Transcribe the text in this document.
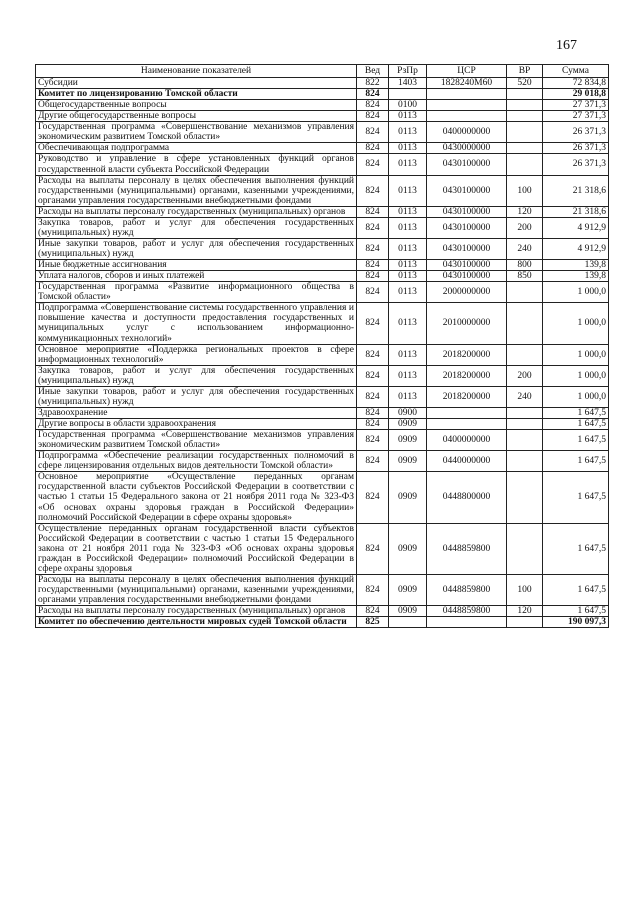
167
Наименование показателей	Вед	РзПр	ЦСР	ВР	Сумма
Субсидии	822	1403	1828240М60	520	72 834,8
Комитет по лицензированию Томской области	824				29 018,8
Общегосударственные вопросы	824	0100			27 371,3
Другие общегосударственные вопросы	824	0113			27 371,3
Государственная программа «Совершенствование механизмов управления экономическим развитием Томской области»	824	0113	0400000000		26 371,3
Обеспечивающая подпрограмма	824	0113	0430000000		26 371,3
Руководство и управление в сфере установленных функций органов государственной власти субъекта Российской Федерации	824	0113	0430100000		26 371,3
Расходы на выплаты персоналу в целях обеспечения выполнения функций государственными (муниципальными) органами, казенными учреждениями, органами управления государственными внебюджетными фондами	824	0113	0430100000	100	21 318,6
Расходы на выплаты персоналу государственных (муниципальных) органов	824	0113	0430100000	120	21 318,6
Закупка товаров, работ и услуг для обеспечения государственных (муниципальных) нужд	824	0113	0430100000	200	4 912,9
Иные закупки товаров, работ и услуг для обеспечения государственных (муниципальных) нужд	824	0113	0430100000	240	4 912,9
Иные бюджетные ассигнования	824	0113	0430100000	800	139,8
Уплата налогов, сборов и иных платежей	824	0113	0430100000	850	139,8
Государственная программа «Развитие информационного общества в Томской области»	824	0113	2000000000		1 000,0
Подпрограмма «Совершенствование системы государственного управления и повышение качества и доступности предоставления государственных и муниципальных услуг с использованием информационно-коммуникационных технологий»	824	0113	2010000000		1 000,0
Основное мероприятие «Поддержка региональных проектов в сфере информационных технологий»	824	0113	2018200000		1 000,0
Закупка товаров, работ и услуг для обеспечения государственных (муниципальных) нужд	824	0113	2018200000	200	1 000,0
Иные закупки товаров, работ и услуг для обеспечения государственных (муниципальных) нужд	824	0113	2018200000	240	1 000,0
Здравоохранение	824	0900			1 647,5
Другие вопросы в области здравоохранения	824	0909			1 647,5
Государственная программа «Совершенствование механизмов управления экономическим развитием Томской области»	824	0909	0400000000		1 647,5
Подпрограмма «Обеспечение реализации государственных полномочий в сфере лицензирования отдельных видов деятельности Томской области»	824	0909	0440000000		1 647,5
Основное мероприятие «Осуществление переданных органам государственной власти субъектов Российской Федерации в соответствии с частью 1 статьи 15 Федерального закона от 21 ноября 2011 года № 323-ФЗ «Об основах охраны здоровья граждан в Российской Федерации» полномочий Российской Федерации в сфере охраны здоровья»	824	0909	0448800000		1 647,5
Осуществление переданных органам государственной власти субъектов Российской Федерации в соответствии с частью 1 статьи 15 Федерального закона от 21 ноября 2011 года № 323-ФЗ «Об основах охраны здоровья граждан в Российской Федерации» полномочий Российской Федерации в сфере охраны здоровья	824	0909	0448859800		1 647,5
Расходы на выплаты персоналу в целях обеспечения выполнения функций государственными (муниципальными) органами, казенными учреждениями, органами управления государственными внебюджетными фондами	824	0909	0448859800	100	1 647,5
Расходы на выплаты персоналу государственных (муниципальных) органов	824	0909	0448859800	120	1 647,5
Комитет по обеспечению деятельности мировых судей Томской области	825				190 097,3
